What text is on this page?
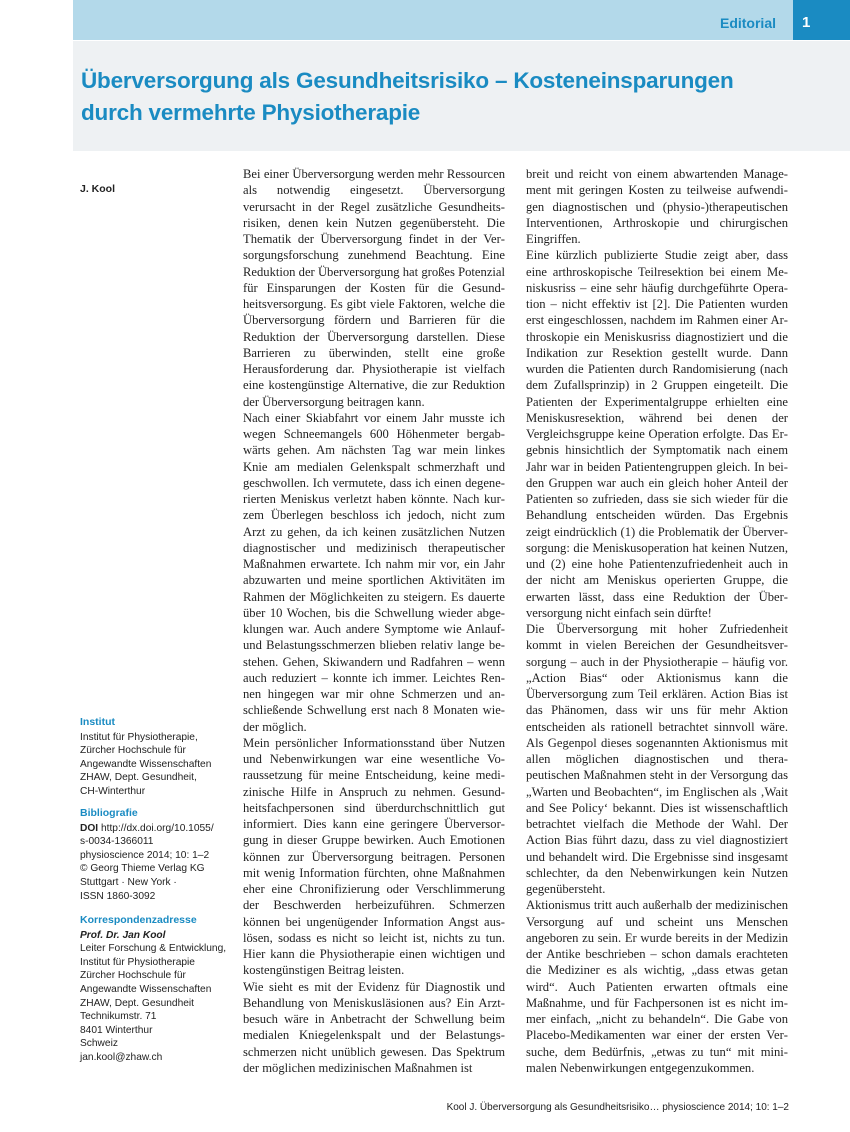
Editorial 1
Überversorgung als Gesundheitsrisiko – Kosteneinsparungen
durch vermehrte Physiotherapie
J. Kool
Institut
Institut für Physiotherapie,
Zürcher Hochschule für
Angewandte Wissenschaften
ZHAW, Dept. Gesundheit,
CH-Winterthur
Bibliografie
DOI http://dx.doi.org/10.1055/
s-0034-1366011
physioscience 2014; 10: 1–2
© Georg Thieme Verlag KG
Stuttgart · New York ·
ISSN 1860-3092
Korrespondenzadresse
Prof. Dr. Jan Kool
Leiter Forschung & Entwicklung,
Institut für Physiotherapie
Zürcher Hochschule für
Angewandte Wissenschaften
ZHAW, Dept. Gesundheit
Technikumstr. 71
8401 Winterthur
Schweiz
jan.kool@zhaw.ch

Bei einer Überversorgung werden mehr Ressourcen als notwendig eingesetzt. Überversorgung verursacht in der Regel zusätzliche Gesundheitsrisiken, denen kein Nutzen gegenübersteht. Die Thematik der Überversorgung findet in der Versorgungsforschung zunehmend Beachtung. Eine Reduktion der Überversorgung hat großes Potenzial für Einsparungen der Kosten für die Gesundheitsversorgung. Es gibt viele Faktoren, welche die Überversorgung fördern und Barrieren für die Reduktion der Überversorgung darstellen. Diese Barrieren zu überwinden, stellt eine große Herausforderung dar. Physiotherapie ist vielfach eine kostengünstige Alternative, die zur Reduktion der Überversorgung beitragen kann.

Nach einer Skiabfahrt vor einem Jahr musste ich wegen Schneemangels 600 Höhenmeter bergabwärts gehen. Am nächsten Tag war mein linkes Knie am medialen Gelenkspalt schmerzhaft und geschwollen. Ich vermutete, dass ich einen degenerierten Meniskus verletzt haben könnte. Nach kurzem Überlegen beschloss ich jedoch, nicht zum Arzt zu gehen, da ich keinen zusätzlichen Nutzen diagnostischer und medizinisch therapeutischer Maßnahmen erwartete. Ich nahm mir vor, ein Jahr abzuwarten und meine sportlichen Aktivitäten im Rahmen der Möglichkeiten zu steigern. Es dauerte über 10 Wochen, bis die Schwellung wieder abgeklungen war. Auch andere Symptome wie Anlauf- und Belastungsschmerzen blieben relativ lange bestehen. Gehen, Skiwandern und Radfahren – wenn auch reduziert – konnte ich immer. Leichtes Rennen hingegen war mir ohne Schmerzen und anschließende Schwellung erst nach 8 Monaten wieder möglich.

Mein persönlicher Informationsstand über Nutzen und Nebenwirkungen war eine wesentliche Voraussetzung für meine Entscheidung, keine medizinische Hilfe in Anspruch zu nehmen. Gesundheitsfachpersonen sind überdurchschnittlich gut informiert. Dies kann eine geringere Überversorgung in dieser Gruppe bewirken. Auch Emotionen können zur Überversorgung beitragen. Personen mit wenig Information fürchten, ohne Maßnahmen eher eine Chronifizierung oder Verschlimmerung der Beschwerden herbeizuführen. Schmerzen können bei ungenügender Information Angst auslösen, sodass es nicht so leicht ist, nichts zu tun. Hier kann die Physiotherapie einen wichtigen und kostengünstigen Beitrag leisten.

Wie sieht es mit der Evidenz für Diagnostik und Behandlung von Meniskusläsionen aus? Ein Arztbesuch wäre in Anbetracht der Schwellung beim medialen Kniegelenkspalt und der Belastungsschmerzen nicht unüblich gewesen. Das Spektrum der möglichen medizinischen Maßnahmen ist

breit und reicht von einem abwartenden Management mit geringen Kosten zu teilweise aufwendigen diagnostischen und (physio-)therapeutischen Interventionen, Arthroskopie und chirurgischen Eingriffen.

Eine kürzlich publizierte Studie zeigt aber, dass eine arthroskopische Teilresektion bei einem Meniskusriss – eine sehr häufig durchgeführte Operation – nicht effektiv ist [2]. Die Patienten wurden erst eingeschlossen, nachdem im Rahmen einer Arthroskopie ein Meniskusriss diagnostiziert und die Indikation zur Resektion gestellt wurde. Dann wurden die Patienten durch Randomisierung (nach dem Zufallsprinzip) in 2 Gruppen eingeteilt. Die Patienten der Experimentalgruppe erhielten eine Meniskusresektion, während bei denen der Vergleichsgruppe keine Operation erfolgte. Das Ergebnis hinsichtlich der Symptomatik nach einem Jahr war in beiden Patientengruppen gleich. In beiden Gruppen war auch ein gleich hoher Anteil der Patienten so zufrieden, dass sie sich wieder für die Behandlung entscheiden würden. Das Ergebnis zeigt eindrücklich (1) die Problematik der Überversorgung: die Meniskusoperation hat keinen Nutzen, und (2) eine hohe Patientenzufriedenheit auch in der nicht am Meniskus operierten Gruppe, die erwarten lässt, dass eine Reduktion der Überversorgung nicht einfach sein dürfte!

Die Überversorgung mit hoher Zufriedenheit kommt in vielen Bereichen der Gesundheitsversorgung – auch in der Physiotherapie – häufig vor. „Action Bias“ oder Aktionismus kann die Überversorgung zum Teil erklären. Action Bias ist das Phänomen, dass wir uns für mehr Aktion entscheiden als rationell betrachtet sinnvoll wäre. Als Gegenpol dieses sogenannten Aktionismus mit allen möglichen diagnostischen und therapeutischen Maßnahmen steht in der Versorgung das „Warten und Beobachten“, im Englischen als ‚Wait and See Policy‘ bekannt. Dies ist wissenschaftlich betrachtet vielfach die Methode der Wahl. Der Action Bias führt dazu, dass zu viel diagnostiziert und behandelt wird. Die Ergebnisse sind insgesamt schlechter, da den Nebenwirkungen kein Nutzen gegenübersteht.

Aktionismus tritt auch außerhalb der medizinischen Versorgung auf und scheint uns Menschen angeboren zu sein. Er wurde bereits in der Medizin der Antike beschrieben – schon damals erachteten die Mediziner es als wichtig, „dass etwas getan wird“. Auch Patienten erwarten oftmals eine Maßnahme, und für Fachpersonen ist es nicht immer einfach, „nicht zu behandeln“. Die Gabe von Placebo-Medikamenten war einer der ersten Versuche, dem Bedürfnis, „etwas zu tun“ mit minimalen Nebenwirkungen entgegenzukommen.

Kool J. Überversorgung als Gesundheitsrisiko… physioscience 2014; 10: 1–2
